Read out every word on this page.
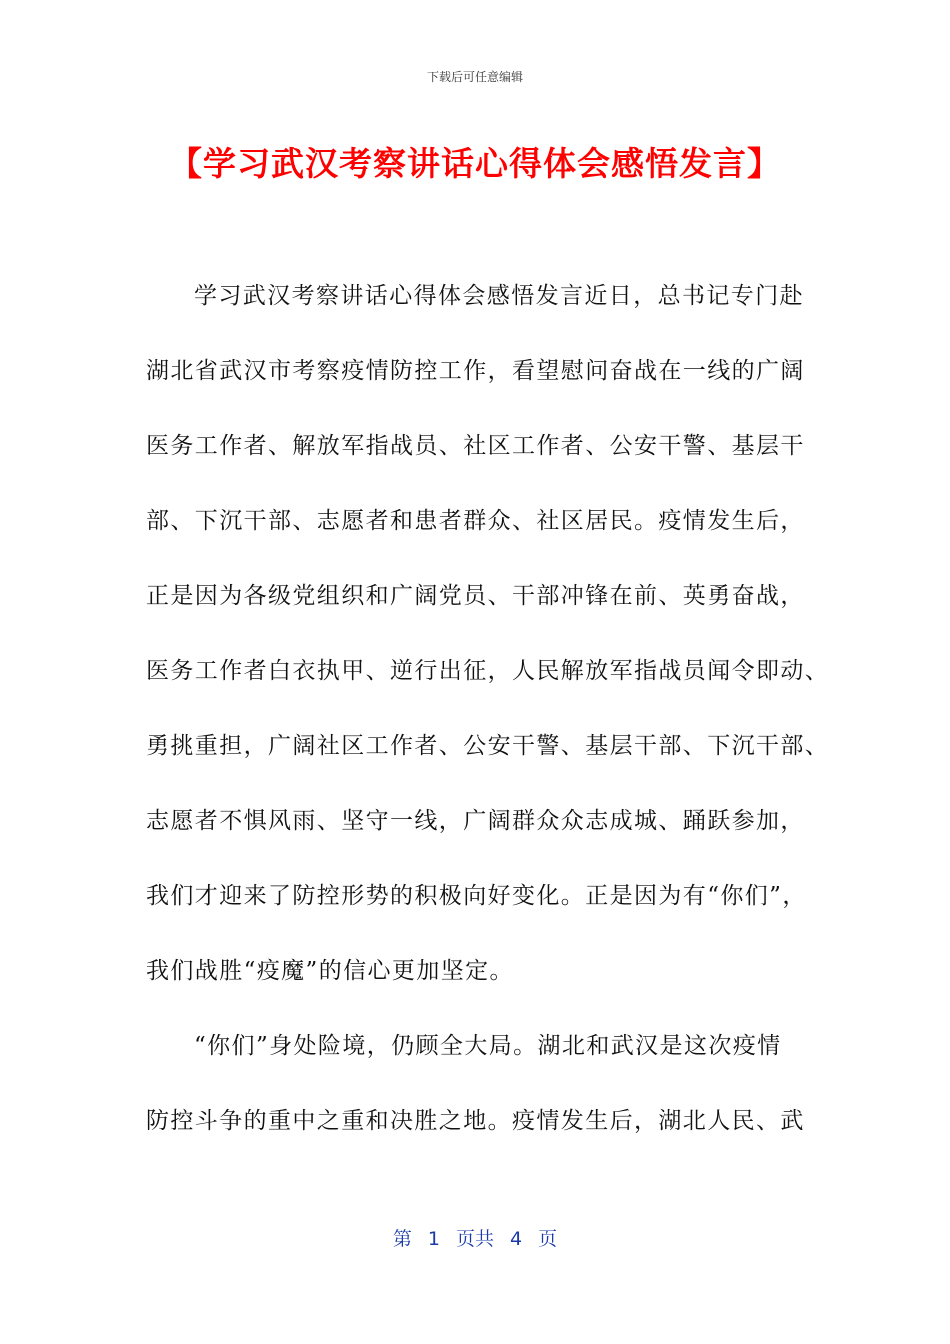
下载后可任意编辑
【学习武汉考察讲话心得体会感悟发言】
学习武汉考察讲话心得体会感悟发言近日，总书记专门赴
湖北省武汉市考察疫情防控工作，看望慰问奋战在一线的广阔
医务工作者、解放军指战员、社区工作者、公安干警、基层干
部、下沉干部、志愿者和患者群众、社区居民。疫情发生后，
正是因为各级党组织和广阔党员、干部冲锋在前、英勇奋战，
医务工作者白衣执甲、逆行出征，人民解放军指战员闻令即动、
勇挑重担，广阔社区工作者、公安干警、基层干部、下沉干部、
志愿者不惧风雨、坚守一线，广阔群众众志成城、踊跃参加，
我们才迎来了防控形势的积极向好变化。正是因为有“你们”，
我们战胜“疫魔”的信心更加坚定。
“你们”身处险境，仍顾全大局。湖北和武汉是这次疫情
防控斗争的重中之重和决胜之地。疫情发生后，湖北人民、武
第 1 页共 4 页
